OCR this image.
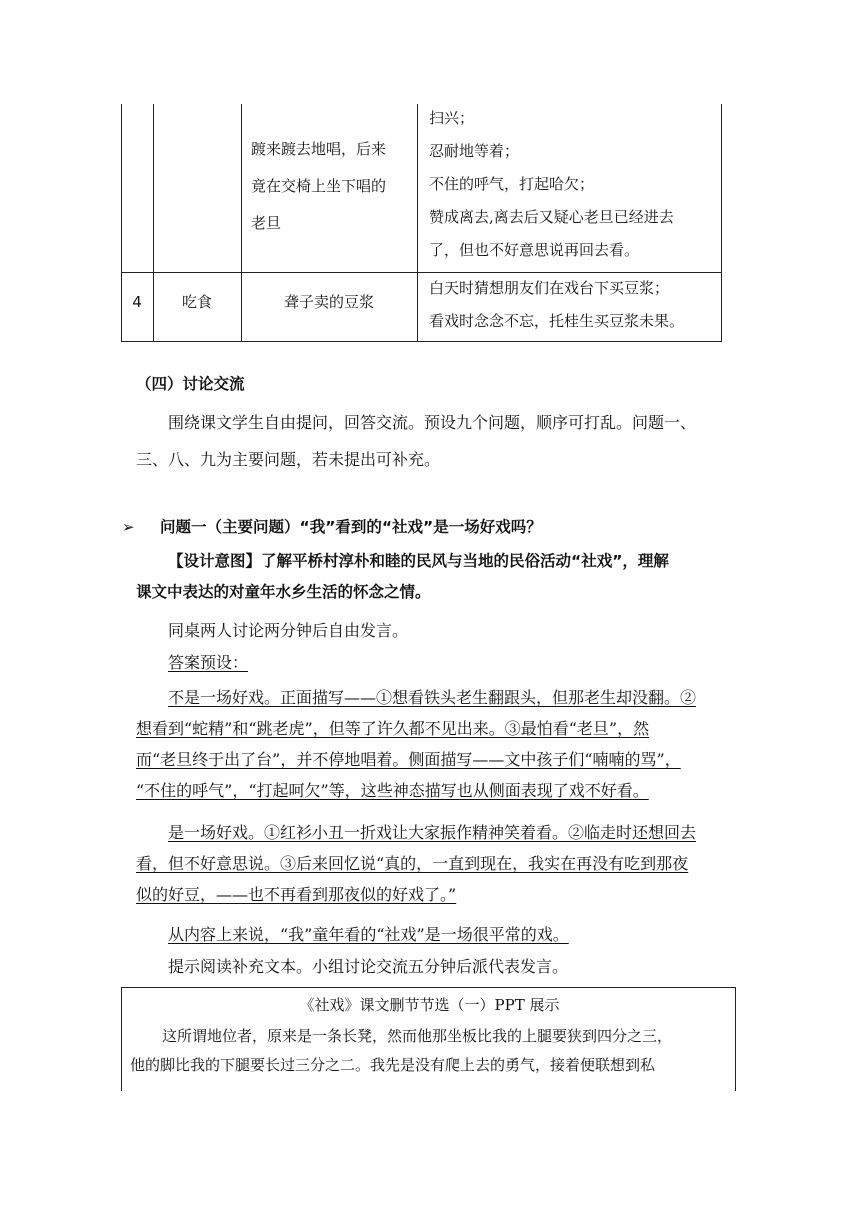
踱来踱去地唱，后来

竟在交椅上坐下唱的

老旦

扫兴；

忍耐地等着；

不住的呼气，打起哈欠；

赞成离去,离去后又疑心老旦已经进去

了，但也不好意思说再回去看。

4	吃食	聋子卖的豆浆

白天时猜想朋友们在戏台下买豆浆；

看戏时念念不忘，托桂生买豆浆未果。

（四）讨论交流

围绕课文学生自由提问，回答交流。预设九个问题，顺序可打乱。问题一、

三、八、九为主要问题，若未提出可补充。

➢ 问题一（主要问题）“我”看到的“社戏”是一场好戏吗？

【设计意图】了解平桥村淳朴和睦的民风与当地的民俗活动“社戏”，理解

课文中表达的对童年水乡生活的怀念之情。

同桌两人讨论两分钟后自由发言。
答案预设：

不是一场好戏。正面描写——①想看铁头老生翻跟头，但那老生却没翻。②

想看到“蛇精”和“跳老虎”，但等了许久都不见出来。③最怕看“老旦”，然

而“老旦终于出了台”，并不停地唱着。侧面描写——文中孩子们“喃喃的骂”，

“不住的呼气”，“打起呵欠”等，这些神态描写也从侧面表现了戏不好看。

是一场好戏。①红衫小丑一折戏让大家振作精神笑着看。②临走时还想回去

看，但不好意思说。③后来回忆说“真的，一直到现在，我实在再没有吃到那夜

似的好豆，——也不再看到那夜似的好戏了。”

从内容上来说，“我”童年看的“社戏”是一场很平常的戏。
提示阅读补充文本。小组讨论交流五分钟后派代表发言。
《社戏》课文删节节选（一）PPT 展示

这所谓地位者，原来是一条长凳，然而他那坐板比我的上腿要狭到四分之三，

他的脚比我的下腿要长过三分之二。我先是没有爬上去的勇气，接着便联想到私
